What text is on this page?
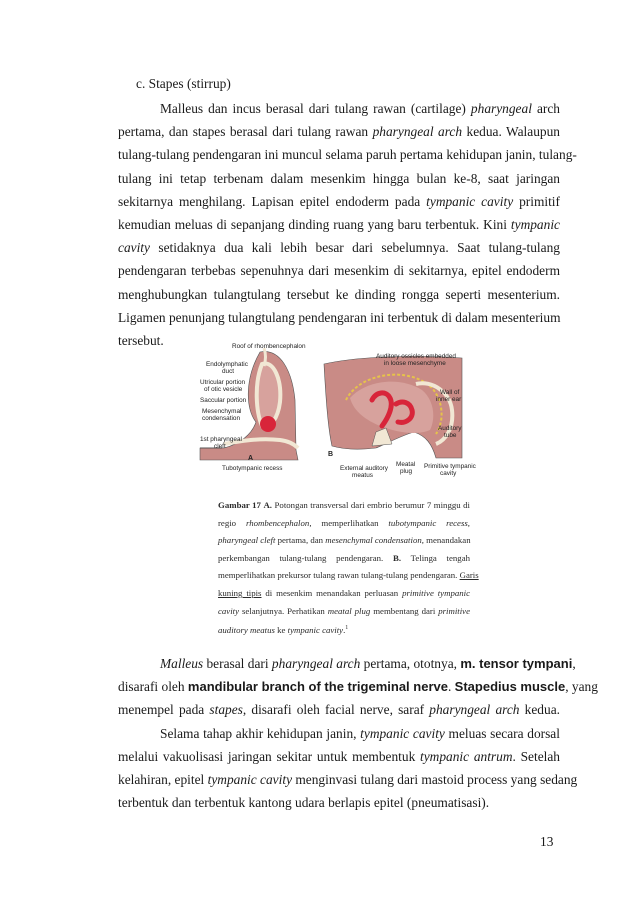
c. Stapes (stirrup)
Malleus dan incus berasal dari tulang rawan (cartilage) pharyngeal arch
pertama, dan stapes berasal dari tulang rawan pharyngeal arch kedua. Walaupun
tulang-tulang pendengaran ini muncul selama paruh pertama kehidupan janin, tulang-
tulang ini tetap terbenam dalam mesenkim hingga bulan ke-8, saat jaringan
sekitarnya menghilang. Lapisan epitel endoderm pada tympanic cavity primitif
kemudian meluas di sepanjang dinding ruang yang baru terbentuk. Kini tympanic
cavity setidaknya dua kali lebih besar dari sebelumnya. Saat tulang-tulang
pendengaran terbebas sepenuhnya dari mesenkim di sekitarnya, epitel endoderm
menghubungkan tulangtulang tersebut ke dinding rongga seperti mesenterium.
Ligamen penunjang tulangtulang pendengaran ini terbentuk di dalam mesenterium
tersebut.	Roof of rhombencephalon
Endolymphatic
duct
Utricular portion
of otic vesicle
Saccular portion
Mesenchymal
condensation
1st pharyngeal
cleft
A
Tubotympanic recess
Auditory ossicles embedded
in loose mesenchyme
Wall of
inner ear
Auditory
tube
B
External auditory
meatus
Meatal
plug
Primitive tympanic
cavity
Gambar 17 A. Potongan transversal dari embrio berumur 7 minggu di
regio rhombencephalon, memperlihatkan tubotympanic recess,
pharyngeal cleft pertama, dan mesenchymal condensation, menandakan
perkembangan tulang-tulang pendengaran. B. Telinga tengah
memperlihatkan prekursor tulang rawan tulang-tulang pendengaran. Garis
kuning tipis di mesenkim menandakan perluasan primitive tympanic
cavity selanjutnya. Perhatikan meatal plug membentang dari primitive
auditory meatus ke tympanic cavity.$^1$
Malleus berasal dari pharyngeal arch pertama, ototnya, m. tensor tympani,
disarafi oleh mandibular branch of the trigeminal nerve. Stapedius muscle, yang
menempel pada stapes, disarafi oleh facial nerve, saraf pharyngeal arch kedua.
Selama tahap akhir kehidupan janin, tympanic cavity meluas secara dorsal
melalui vakuolisasi jaringan sekitar untuk membentuk tympanic antrum. Setelah
kelahiran, epitel tympanic cavity menginvasi tulang dari mastoid process yang sedang
terbentuk dan terbentuk kantong udara berlapis epitel (pneumatisasi).
13
